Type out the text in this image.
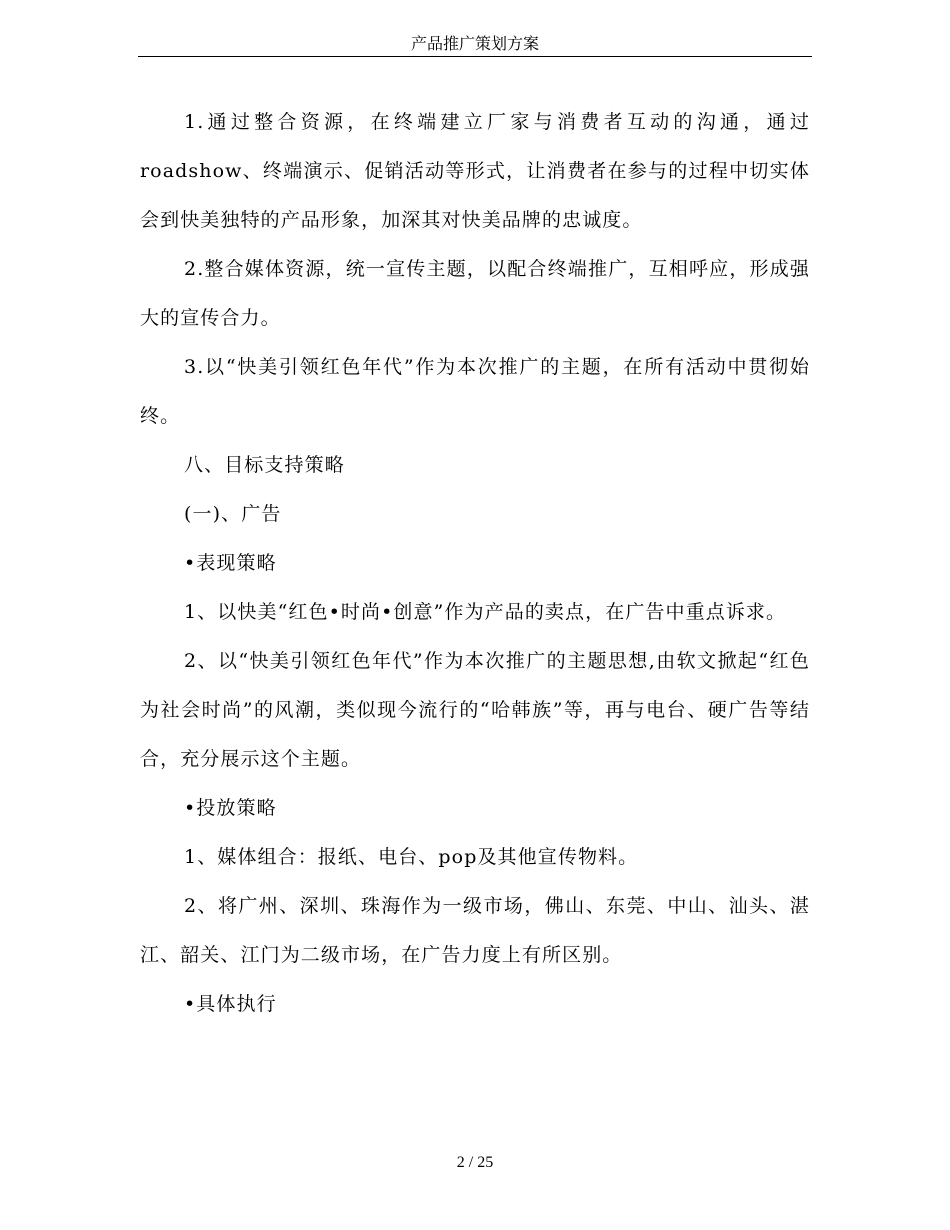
产品推广策划方案

1.通过整合资源，在终端建立厂家与消费者互动的沟通，通过roadshow、终端演示、促销活动等形式，让消费者在参与的过程中切实体会到快美独特的产品形象，加深其对快美品牌的忠诚度。

2.整合媒体资源，统一宣传主题，以配合终端推广，互相呼应，形成强大的宣传合力。

3.以“快美引领红色年代”作为本次推广的主题，在所有活动中贯彻始终。

八、目标支持策略

(一)、广告

•表现策略

1、以快美“红色•时尚•创意”作为产品的卖点，在广告中重点诉求。

2、以“快美引领红色年代”作为本次推广的主题思想,由软文掀起“红色为社会时尚”的风潮，类似现今流行的“哈韩族”等，再与电台、硬广告等结合，充分展示这个主题。

•投放策略

1、媒体组合：报纸、电台、pop及其他宣传物料。

2、将广州、深圳、珠海作为一级市场，佛山、东莞、中山、汕头、湛江、韶关、江门为二级市场，在广告力度上有所区别。

•具体执行

2 / 25
